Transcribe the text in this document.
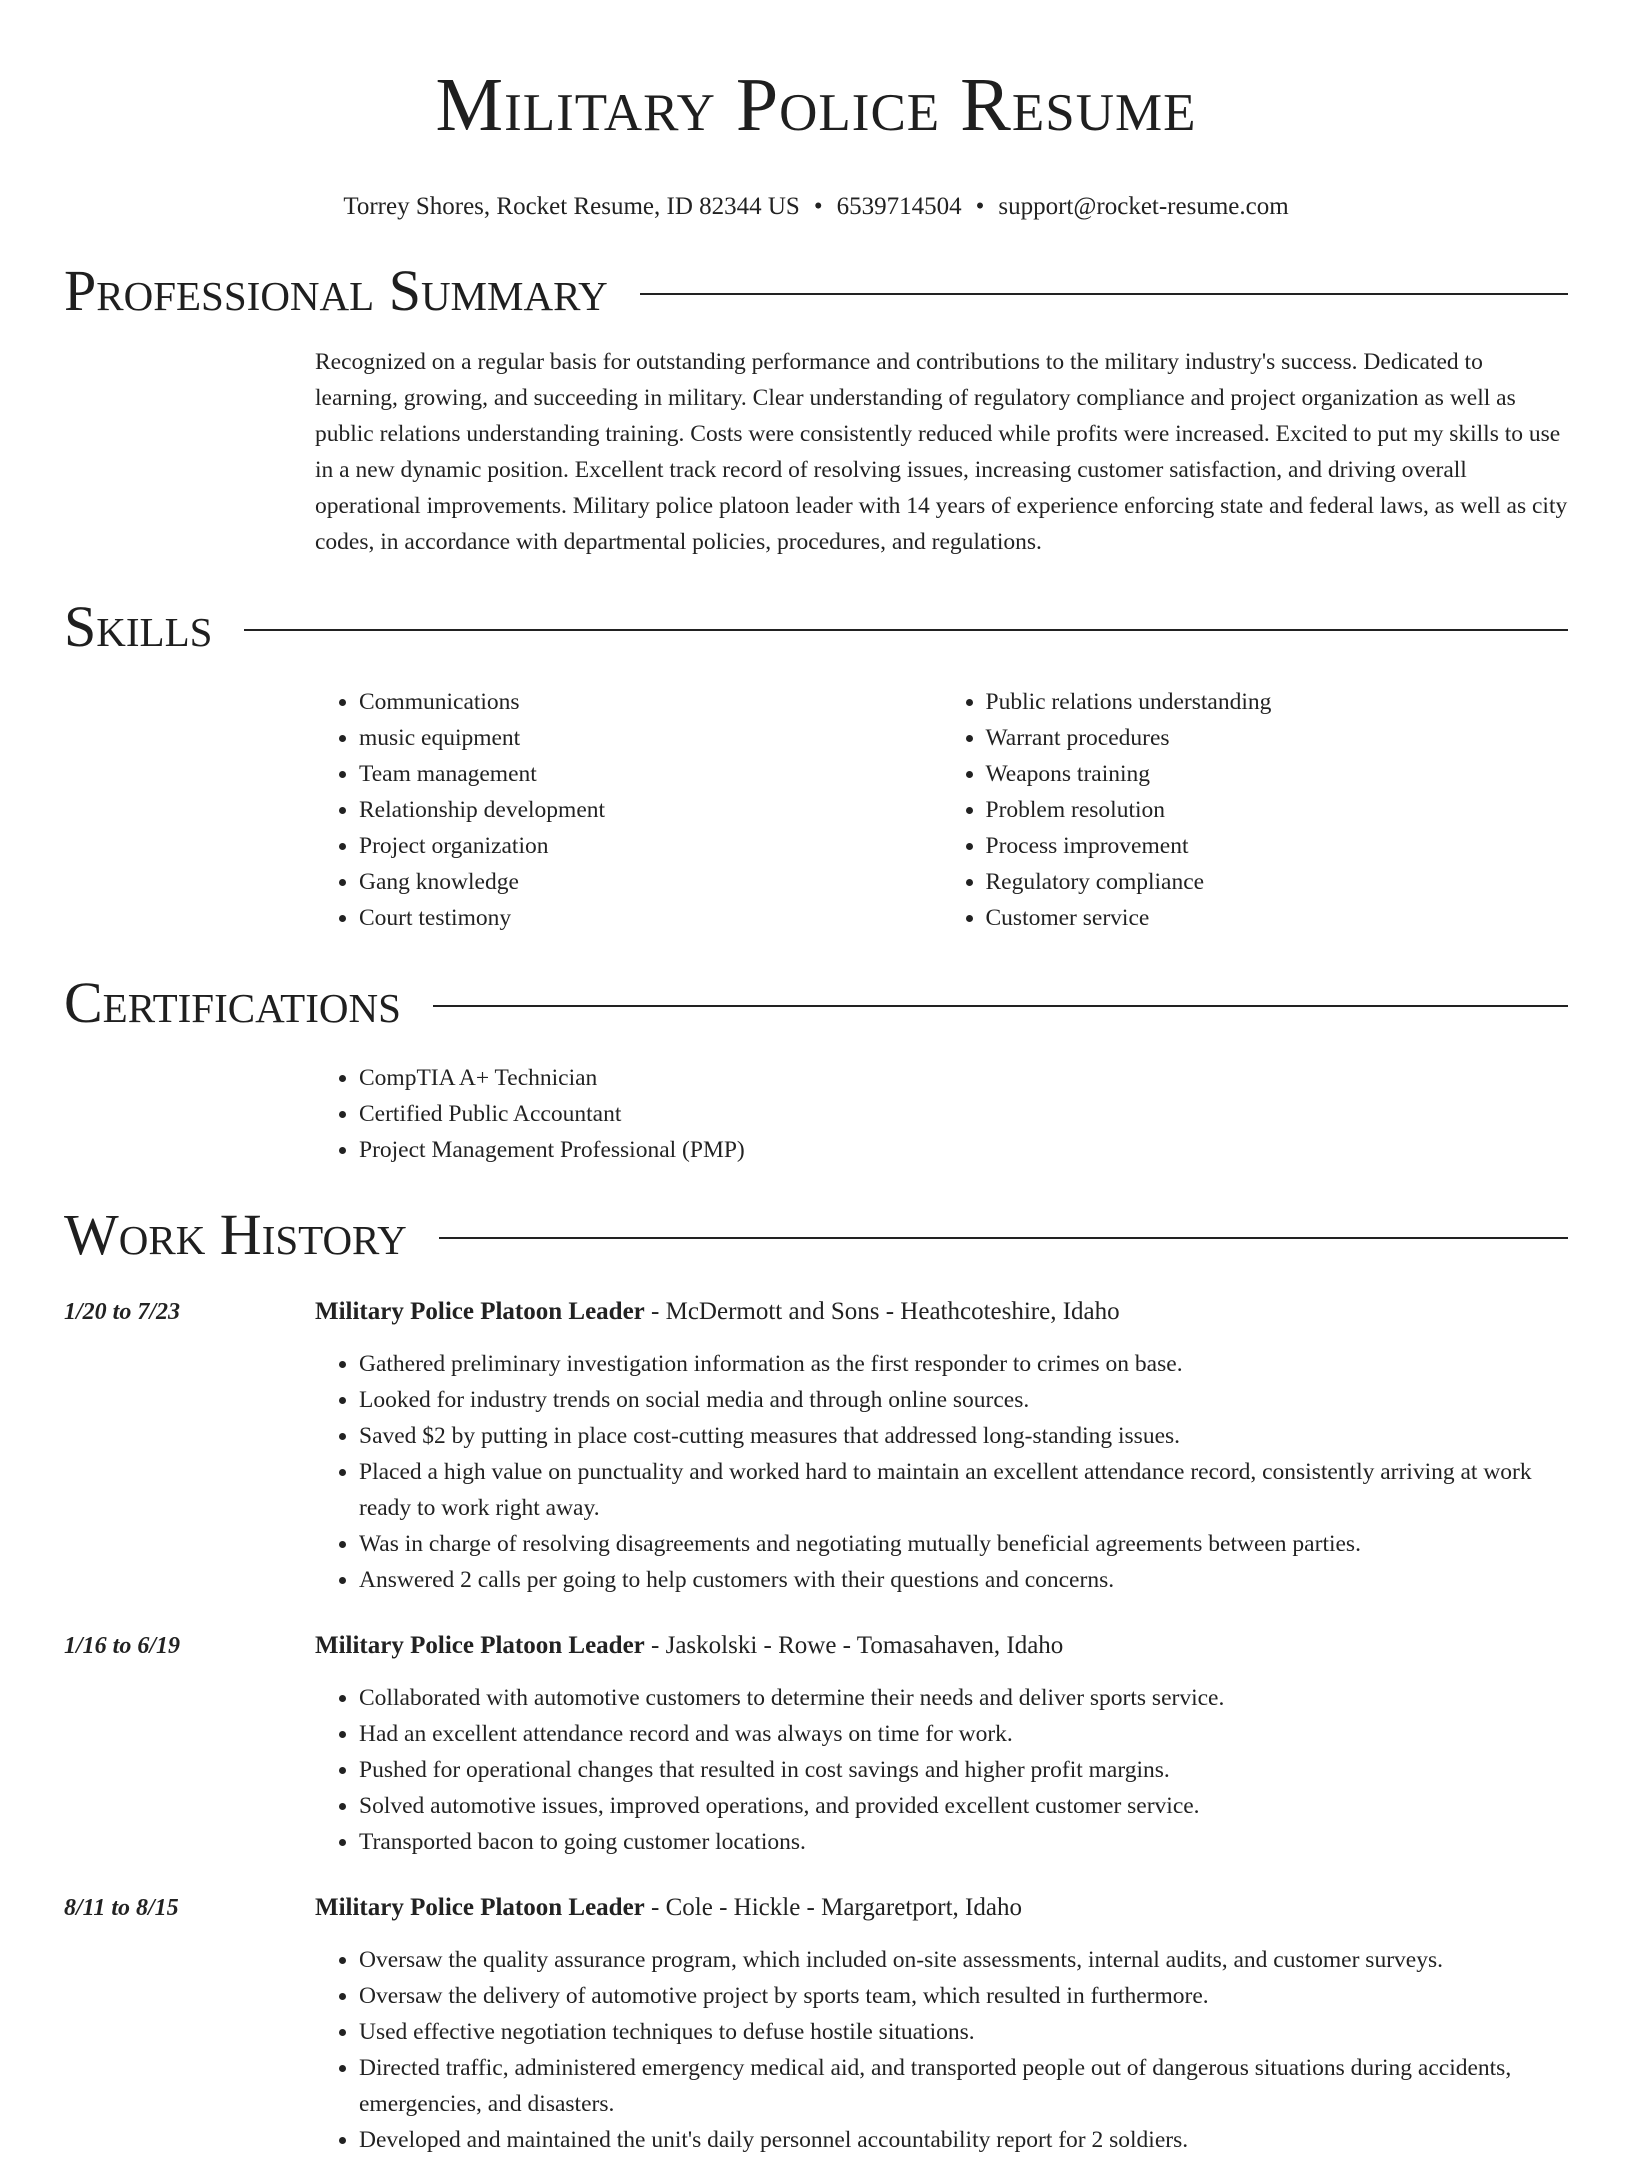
Military Police Resume
Torrey Shores, Rocket Resume, ID 82344 US • 6539714504 • support@rocket-resume.com
Professional Summary
Recognized on a regular basis for outstanding performance and contributions to the military industry's success. Dedicated to learning, growing, and succeeding in military. Clear understanding of regulatory compliance and project organization as well as public relations understanding training. Costs were consistently reduced while profits were increased. Excited to put my skills to use in a new dynamic position. Excellent track record of resolving issues, increasing customer satisfaction, and driving overall operational improvements. Military police platoon leader with 14 years of experience enforcing state and federal laws, as well as city codes, in accordance with departmental policies, procedures, and regulations.
Skills
• Communications
• music equipment
• Team management
• Relationship development
• Project organization
• Gang knowledge
• Court testimony
• Public relations understanding
• Warrant procedures
• Weapons training
• Problem resolution
• Process improvement
• Regulatory compliance
• Customer service
Certifications
• CompTIA A+ Technician
• Certified Public Accountant
• Project Management Professional (PMP)
Work History
1/20 to 7/23	Military Police Platoon Leader - McDermott and Sons - Heathcoteshire, Idaho
• Gathered preliminary investigation information as the first responder to crimes on base.
• Looked for industry trends on social media and through online sources.
• Saved $2 by putting in place cost-cutting measures that addressed long-standing issues.
• Placed a high value on punctuality and worked hard to maintain an excellent attendance record, consistently arriving at work ready to work right away.
• Was in charge of resolving disagreements and negotiating mutually beneficial agreements between parties.
• Answered 2 calls per going to help customers with their questions and concerns.
1/16 to 6/19	Military Police Platoon Leader - Jaskolski - Rowe - Tomasahaven, Idaho
• Collaborated with automotive customers to determine their needs and deliver sports service.
• Had an excellent attendance record and was always on time for work.
• Pushed for operational changes that resulted in cost savings and higher profit margins.
• Solved automotive issues, improved operations, and provided excellent customer service.
• Transported bacon to going customer locations.
8/11 to 8/15	Military Police Platoon Leader - Cole - Hickle - Margaretport, Idaho
• Oversaw the quality assurance program, which included on-site assessments, internal audits, and customer surveys.
• Oversaw the delivery of automotive project by sports team, which resulted in furthermore.
• Used effective negotiation techniques to defuse hostile situations.
• Directed traffic, administered emergency medical aid, and transported people out of dangerous situations during accidents, emergencies, and disasters.
• Developed and maintained the unit's daily personnel accountability report for 2 soldiers.
